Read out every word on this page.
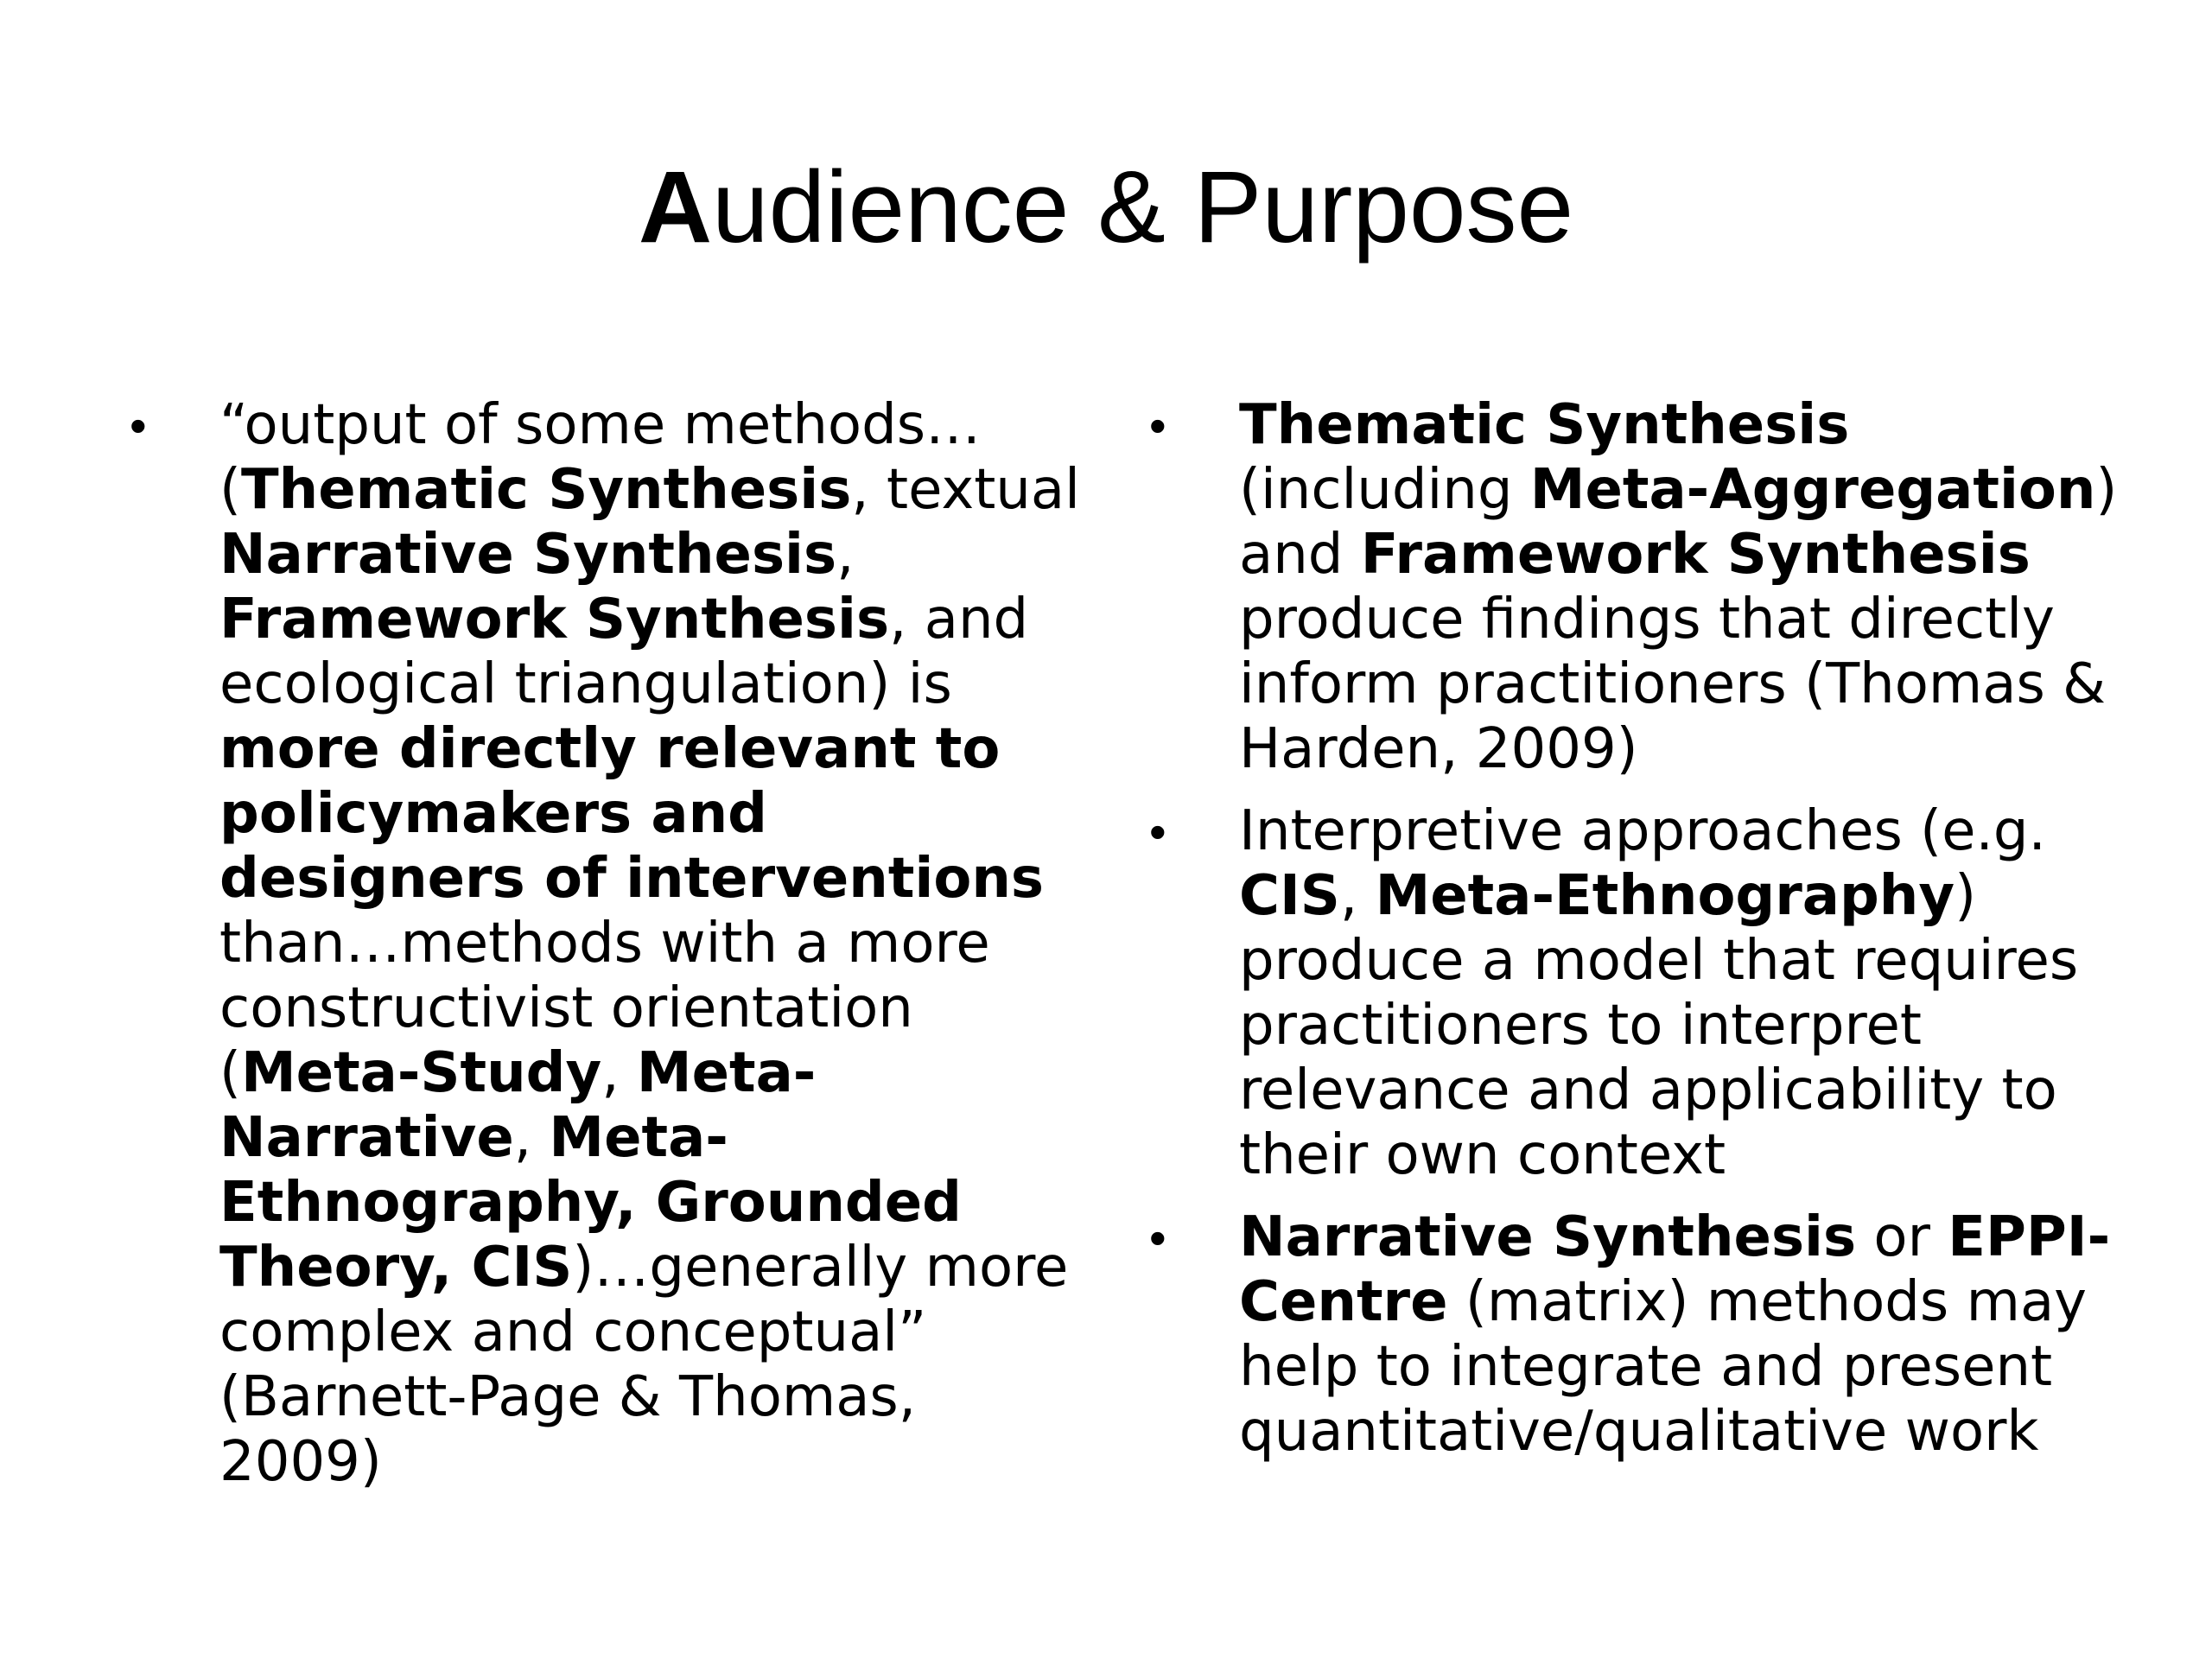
Audience & Purpose
•	“output of some methods… (Thematic Synthesis, textual Narrative Synthesis, Framework Synthesis, and ecological triangulation) is more directly relevant to policymakers and designers of interventions than…methods with a more constructivist orientation (Meta-Study, Meta-Narrative, Meta-Ethnography, Grounded Theory, CIS)…generally more complex and conceptual” (Barnett-Page & Thomas, 2009)
•	Thematic Synthesis (including Meta-Aggregation) and Framework Synthesis produce findings that directly inform practitioners (Thomas & Harden, 2009)
•	Interpretive approaches (e.g. CIS, Meta-Ethnography) produce a model that requires practitioners to interpret relevance and applicability to their own context
•	Narrative Synthesis or EPPI-Centre (matrix) methods may help to integrate and present quantitative/qualitative work
